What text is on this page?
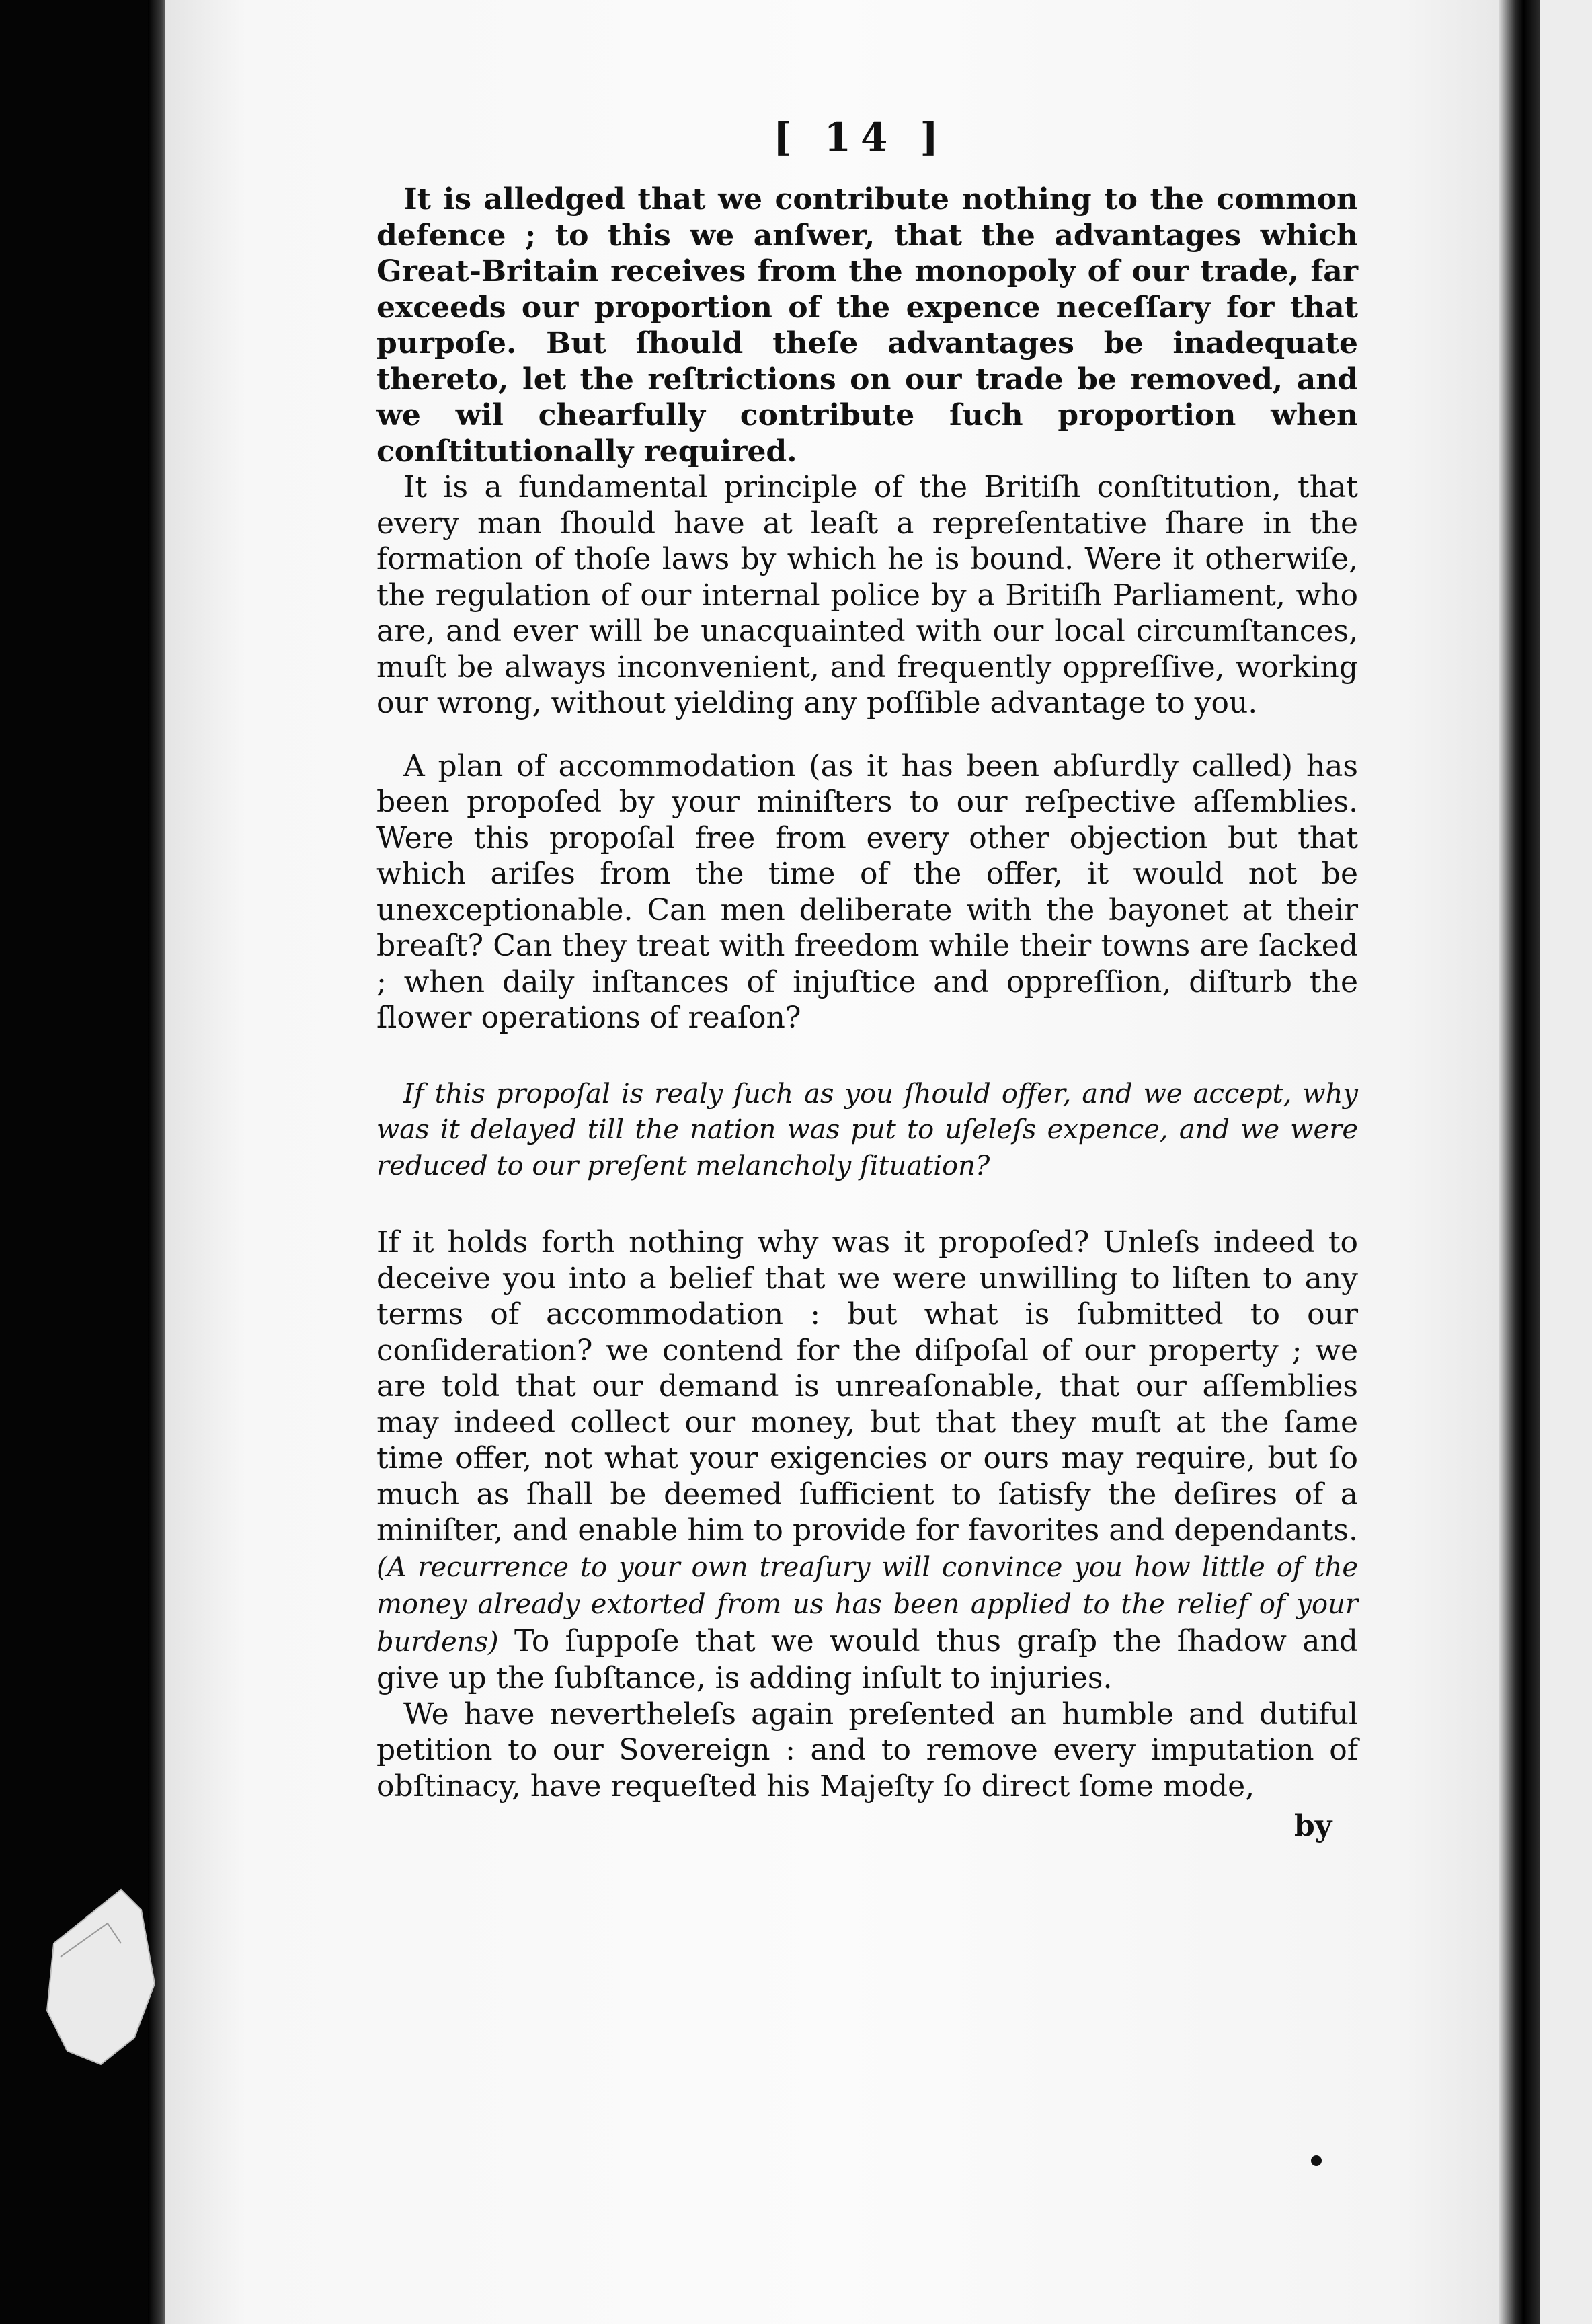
[ 14 ]

It is alledged that we contribute nothing to the common defence ; to this we anſwer, that the advantages which Great-Britain receives from the monopoly of our trade, far exceeds our proportion of the expence neceſſary for that purpoſe. But ſhould theſe advantages be inadequate thereto, let the reſtrictions on our trade be removed, and we wil chearfully contribute ſuch proportion when conſtitutionally required.

It is a fundamental principle of the Britiſh conſtitution, that every man ſhould have at leaſt a repreſentative ſhare in the formation of thoſe laws by which he is bound. Were it otherwiſe, the regulation of our internal police by a Britiſh Parliament, who are, and ever will be unacquainted with our local circumſtances, muſt be always inconvenient, and frequently oppreſſive, working our wrong, without yielding any poſſible advantage to you.

A plan of accommodation (as it has been abſurdly called) has been propoſed by your miniſters to our reſpective aſſemblies. Were this propoſal free from every other objection but that which ariſes from the time of the offer, it would not be unexceptionable. Can men deliberate with the bayonet at their breaſt? Can they treat with freedom while their towns are ſacked ; when daily inſtances of injuſtice and oppreſſion, diſturb the ſlower operations of reaſon?

If this propoſal is realy ſuch as you ſhould offer, and we accept, why was it delayed till the nation was put to uſeleſs expence, and we were reduced to our preſent melancholy ſituation?

If it holds forth nothing why was it propoſed? Unleſs indeed to deceive you into a belief that we were unwilling to liſten to any terms of accommodation : but what is ſubmitted to our conſideration? we contend for the diſpoſal of our property ; we are told that our demand is unreaſonable, that our aſſemblies may indeed collect our money, but that they muſt at the ſame time offer, not what your exigencies or ours may require, but ſo much as ſhall be deemed ſufficient to ſatisfy the deſires of a miniſter, and enable him to provide for favorites and dependants. (A recurrence to your own treaſury will convince you how little of the money already extorted from us has been applied to the relief of your burdens) To ſuppoſe that we would thus graſp the ſhadow and give up the ſubſtance, is adding inſult to injuries.

We have nevertheleſs again preſented an humble and dutiful petition to our Sovereign : and to remove every imputation of obſtinacy, have requeſted his Majeſty ſo direct ſome mode,

by
